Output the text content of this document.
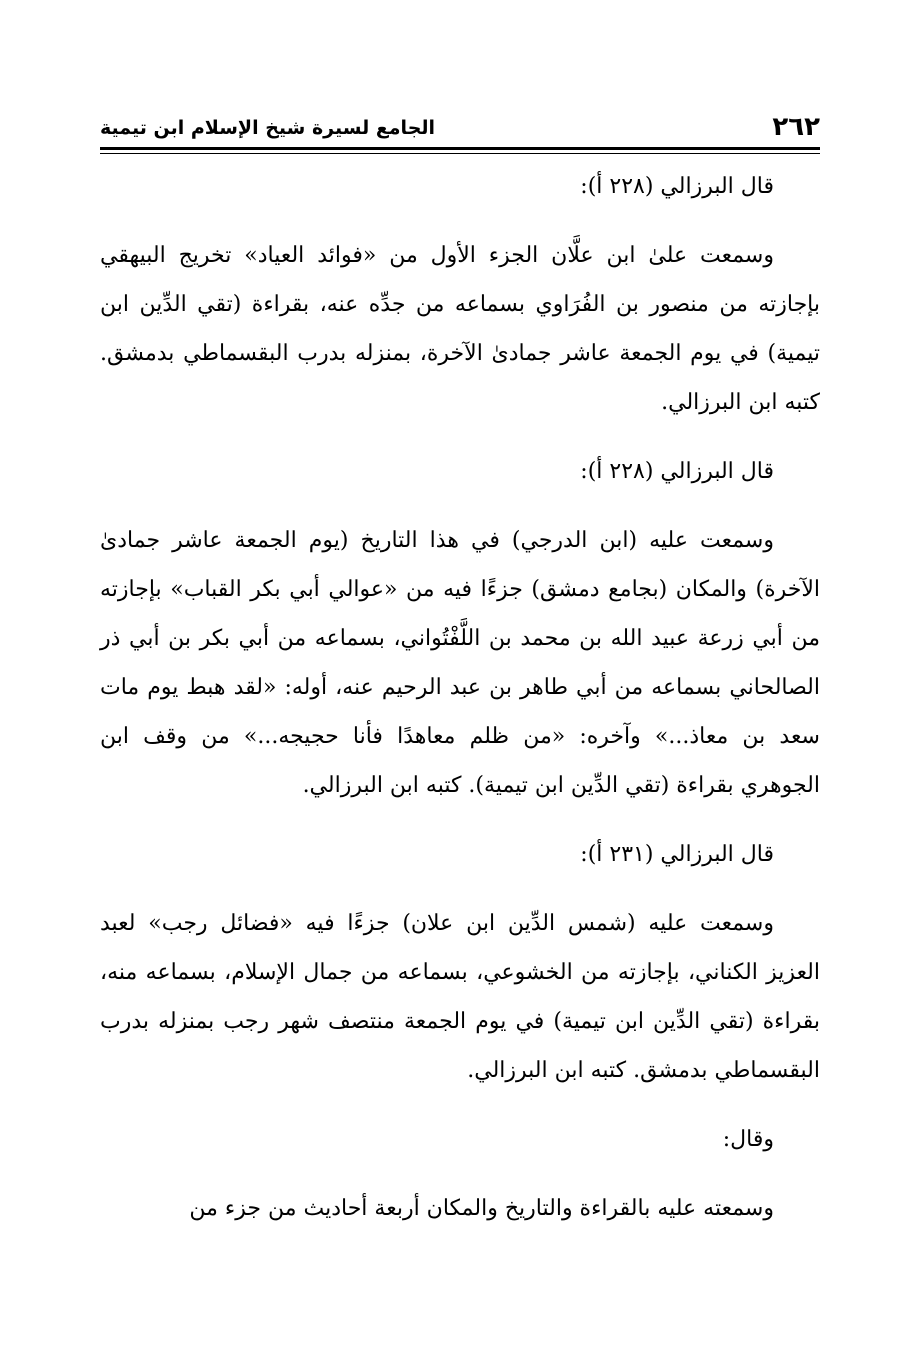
٢٦٢
الجامع لسيرة شيخ الإسلام ابن تيمية

قال البرزالي (٢٢٨ أ):

وسمعت علىٰ ابن علَّان الجزء الأول من «فوائد العياد» تخريج البيهقي بإجازته من منصور بن الفُرَاوي بسماعه من جدِّه عنه، بقراءة (تقي الدِّين ابن تيمية) في يوم الجمعة عاشر جمادىٰ الآخرة، بمنزله بدرب البقسماطي بدمشق. كتبه ابن البرزالي.

قال البرزالي (٢٢٨ أ):

وسمعت عليه (ابن الدرجي) في هذا التاريخ (يوم الجمعة عاشر جمادىٰ الآخرة) والمكان (بجامع دمشق) جزءًا فيه من «عوالي أبي بكر القباب» بإجازته من أبي زرعة عبيد الله بن محمد بن اللَّفْتُواني، بسماعه من أبي بكر بن أبي ذر الصالحاني بسماعه من أبي طاهر بن عبد الرحيم عنه، أوله: «لقد هبط يوم مات سعد بن معاذ...» وآخره: «من ظلم معاهدًا فأنا حجيجه...» من وقف ابن الجوهري بقراءة (تقي الدِّين ابن تيمية). كتبه ابن البرزالي.

قال البرزالي (٢٣١ أ):

وسمعت عليه (شمس الدِّين ابن علان) جزءًا فيه «فضائل رجب» لعبد العزيز الكناني، بإجازته من الخشوعي، بسماعه من جمال الإسلام، بسماعه منه، بقراءة (تقي الدِّين ابن تيمية) في يوم الجمعة منتصف شهر رجب بمنزله بدرب البقسماطي بدمشق. كتبه ابن البرزالي.

وقال:

وسمعته عليه بالقراءة والتاريخ والمكان أربعة أحاديث من جزء من
